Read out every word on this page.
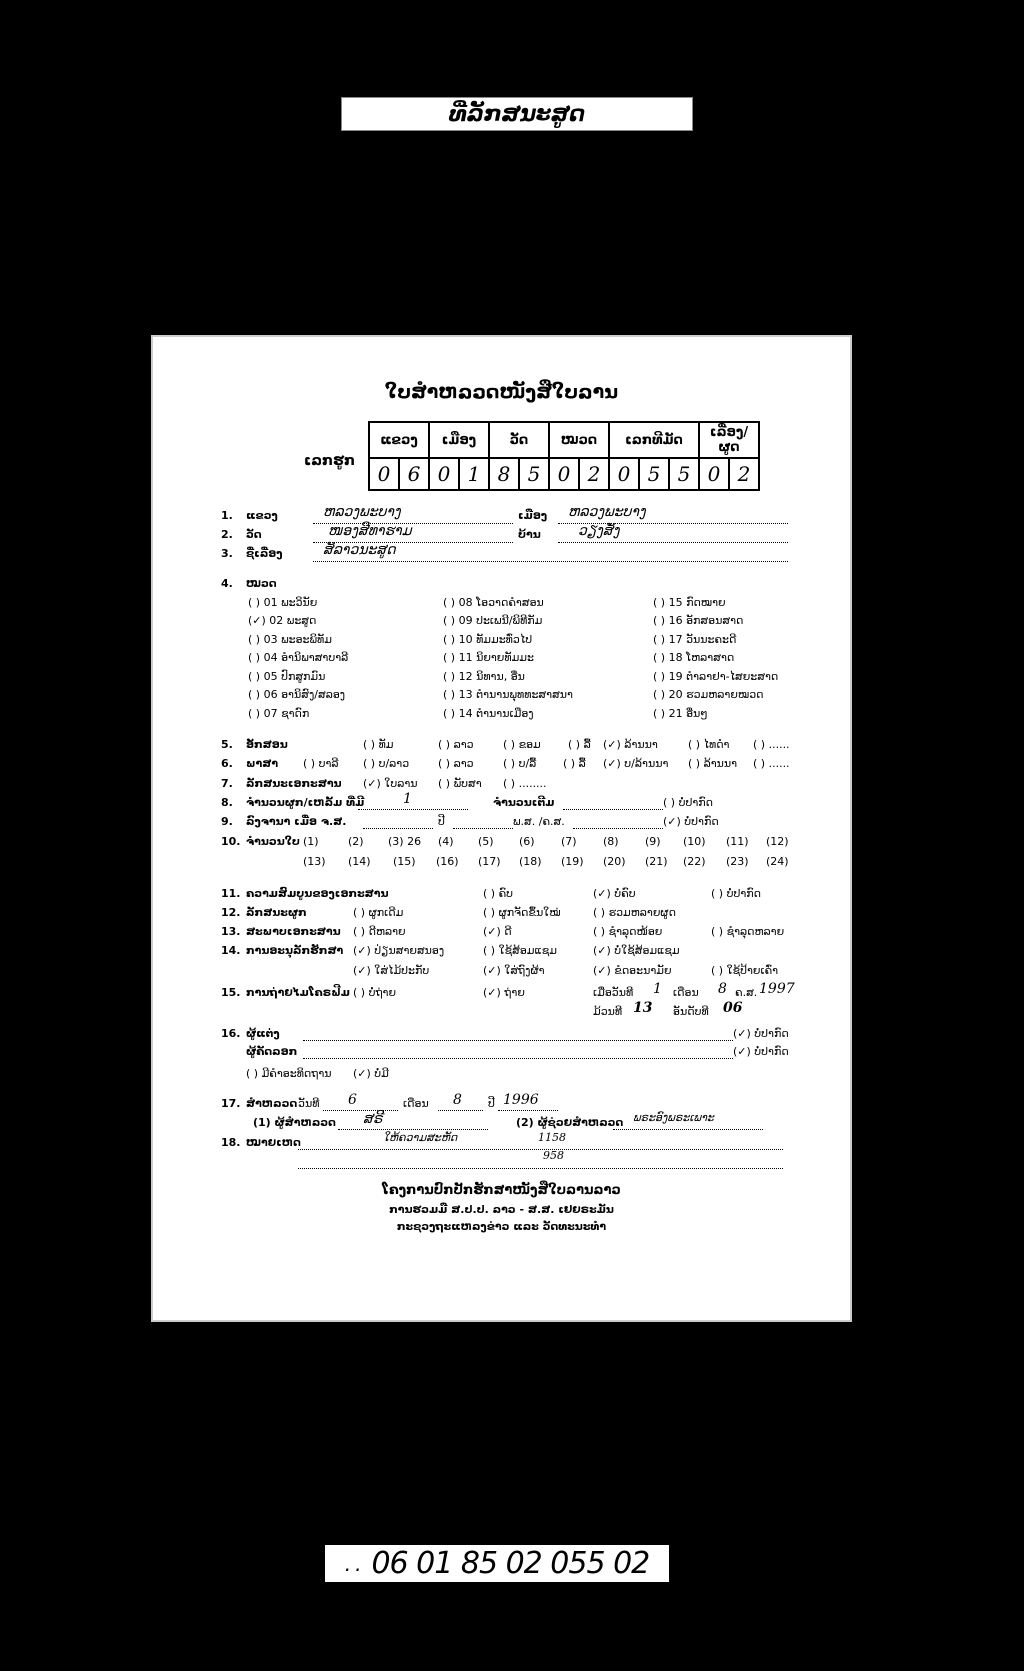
ທີ່ລັກສນະສູດ
ໃບສໍາຫລວດໜັງສືໃບລານ
ເລກຮູກ
ແຂວງ		ເມືອງ		ວັດ		ໝວດ		ເລກທີມັດ			ເລື່ອງ/ຜູດ	
0	6	0	1	8	5	0	2	0	5	5	0	2
1. ແຂວງ	ຫລວງພະບາງ	ເມືອງ ຫລວງພະບາງ
2. ວັດ	ໜອງສີທາຮາມ	ບ້ານ	ວຽງສັ່ງ
3. ຊື່ເລື່ອງ	ສັລາວນະສູດ
4. ໝວດ
( ) 01 ພະວິນັຍ
(✓) 02 ພະສູດ
( ) 03 ພະອະພິທັມ
( ) 04 ອໍານິພາສາບາລີ
( ) 05 ປົກສູກມົນ
( ) 06 ອານິສົງ/ສລອງ
( ) 07 ຊາດົກ
( ) 08 ໂອວາດຄໍາສອນ
( ) 09 ປະເພນີ/ພິທີກັມ
( ) 10 ທັມມະທົ່ວໄປ
( ) 11 ນິຍາຍທັມມະ
( ) 12 ນິທານ, ອື່ນ
( ) 13 ຕໍານານພຸທທະສາສນາ
( ) 14 ຕໍານານເມືອງ
( ) 15 ກົດໝາຍ
( ) 16 ອັກສອນສາດ
( ) 17 ວັນນະຄະດີ
( ) 18 ໂຫລາສາດ
( ) 19 ຕໍາລາຢາ-ໄສຍະສາດ
( ) 20 ຮວມຫລາຍໝວດ
( ) 21 ອື່ນໆ
5. ອັກສອນ	( ) ທັມ	( ) ລາວ	( ) ຂອມ ( ) ລື້ (✓) ລ້ານນາ	( ) ໄທດໍາ ( ) ......
6. ພາສາ ( ) ບາລີ ( ) ບ/ລາວ	( ) ລາວ	( ) ບ/ລື້ ( ) ລື້ (✓) ບ/ລ້ານນາ ( ) ລ້ານນາ ( ) ......
7. ລັກສນະເອກະສານ (✓) ໃບລານ ( ) ພັບສາ ( ) ........
8. ຈໍານວນຜູກ/ເຫລັ້ມ ທີ່ມີ	1	ຈໍານວນເຕີມ	( ) ບໍ່ປາກົດ
9. ລົງຈານາ ເມື່ອ ຈ.ສ.	ປີ	ພ.ສ. /ຄ.ສ.	(✓) ບໍ່ປາກົດ
10. ຈໍານວນໃບ (1)	(2) (3) 26 (4) (5) (6) (7) (8) (9) (10) (11) (12)
(13) (14) (15) (16) (17) (18) (19) (20) (21) (22) (23) (24)
11. ຄວາມສົມບູນຂອງເອກະສານ	( ) ຄົບ	(✓) ບໍ່ຄົບ	( ) ບໍ່ປາກົດ
12. ລັກສນະຜູກ	( ) ຜູກເດີມ	( ) ຜູກຈັດຂຶ້ນໃໝ່	( ) ຮວມຫລາຍຜູດ
13. ສະພາບເອກະສານ ( ) ດີຫລາຍ	(✓) ດີ	( ) ຊໍາລຸດໜ້ອຍ	( ) ຊໍາລຸດຫລາຍ
14. ການອະນຸລັກຮັກສາ (✓) ປ່ຽນສາຍສນອງ	( ) ໃຊ້ສ້ອມແຊມ	(✓) ບໍ່ໃຊ້ສ້ອມແຊມ
(✓) ໃສ່ໄມ້ປະກັບ	(✓) ໃສ່ຖົງຜ້າ	(✓) ຂໍດອະນາມັຍ	( ) ໃຊ້ປ້າຍເຄົ່າ
15. ການຖ່າຍໄມໂຄຣຟີມ ( ) ບໍ່ຖ່າຍ	(✓) ຖ່າຍ	ເມື່ອວັນທີ 1 ເດືອນ 8 ຄ.ສ. 1997
ມ້ວນທີ 13 ອັນດັບທີ 06
16. ຜູ້ແຕ່ງ	(✓) ບໍ່ປາກົດ
ຜູ້ຄັດລອກ	(✓) ບໍ່ປາກົດ
( ) ມີຄໍາອະທິດຖານ (✓) ບໍ່ມີ
17. ສໍາຫລວດ ວັນທີ 6	ເດືອນ 8 ປີ 1996
(1) ຜູ້ສໍາຫລວດ ສຣີ	(2) ຜູ້ຊ່ວຍສໍາຫລວດ ພຣະອົງພຣະເພາະ
18. ໝາຍເຫດ	ໃຫ້ຄວາມສະຫັດ	1158
958
ໂຄງການປົກປັກຮັກສາໜັງສືໃບລານລາວ
ການຮວມມື ສ.ປ.ປ. ລາວ - ສ.ສ. ເຢຍຣະມັນ
ກະຊວງຖະແຫລງຂ່າວ ແລະ ວັດທະນະທໍາ
.. 06 01 85 02 055 02
